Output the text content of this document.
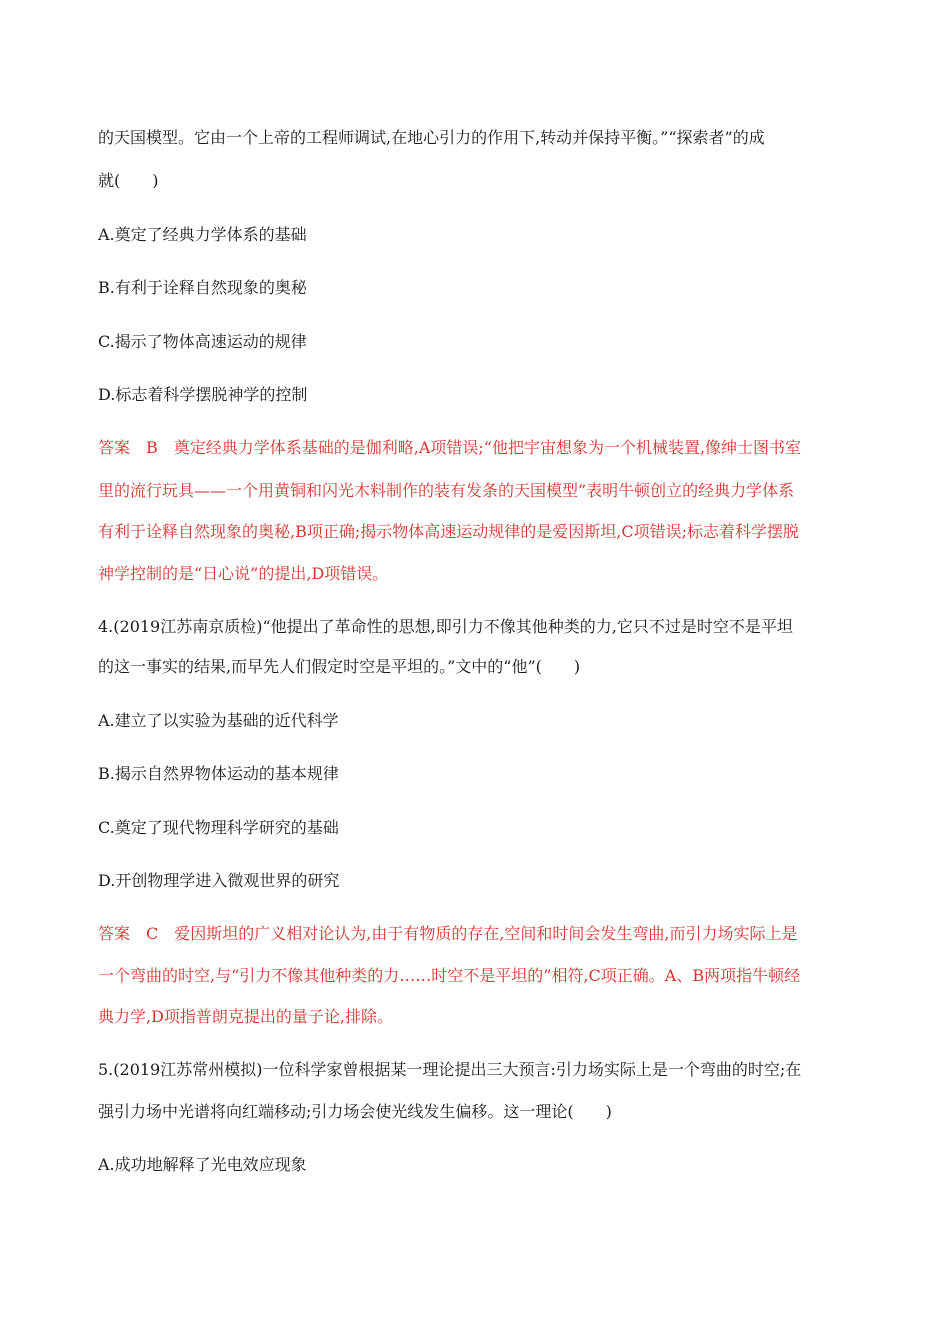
的天国模型。它由一个上帝的工程师调试,在地心引力的作用下,转动并保持平衡。”“探索者”的成
就(　　)
A.奠定了经典力学体系的基础
B.有利于诠释自然现象的奥秘
C.揭示了物体高速运动的规律
D.标志着科学摆脱神学的控制
答案　B　奠定经典力学体系基础的是伽利略,A项错误;“他把宇宙想象为一个机械装置,像绅士图书室
里的流行玩具——一个用黄铜和闪光木料制作的装有发条的天国模型”表明牛顿创立的经典力学体系
有利于诠释自然现象的奥秘,B项正确;揭示物体高速运动规律的是爱因斯坦,C项错误;标志着科学摆脱
神学控制的是“日心说”的提出,D项错误。
4.(2019江苏南京质检)“他提出了革命性的思想,即引力不像其他种类的力,它只不过是时空不是平坦
的这一事实的结果,而早先人们假定时空是平坦的。”文中的“他”(　　)
A.建立了以实验为基础的近代科学
B.揭示自然界物体运动的基本规律
C.奠定了现代物理科学研究的基础
D.开创物理学进入微观世界的研究
答案　C　爱因斯坦的广义相对论认为,由于有物质的存在,空间和时间会发生弯曲,而引力场实际上是
一个弯曲的时空,与“引力不像其他种类的力……时空不是平坦的”相符,C项正确。A、B两项指牛顿经
典力学,D项指普朗克提出的量子论,排除。
5.(2019江苏常州模拟)一位科学家曾根据某一理论提出三大预言:引力场实际上是一个弯曲的时空;在
强引力场中光谱将向红端移动;引力场会使光线发生偏移。这一理论(　　)
A.成功地解释了光电效应现象
